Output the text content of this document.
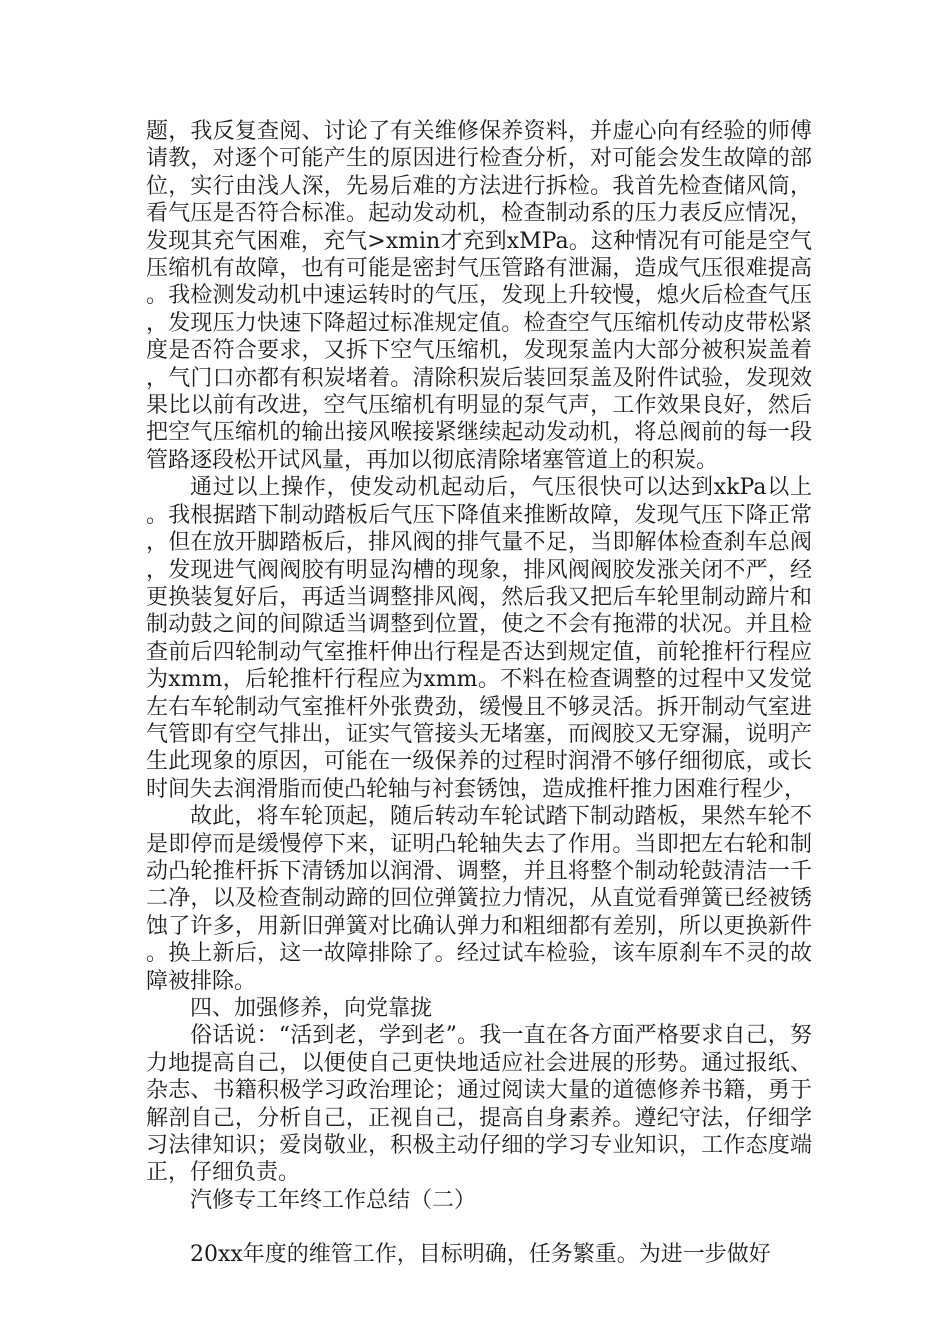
题，我反复查阅、讨论了有关维修保养资料，并虚心向有经验的师傅请教，对逐个可能产生的原因进行检查分析，对可能会发生故障的部位，实行由浅人深，先易后难的方法进行拆检。我首先检查储风筒，看气压是否符合标准。起动发动机，检查制动系的压力表反应情况，发现其充气困难，充气>xmin才充到xMPa。这种情况有可能是空气压缩机有故障，也有可能是密封气压管路有泄漏，造成气压很难提高。我检测发动机中速运转时的气压，发现上升较慢，熄火后检查气压，发现压力快速下降超过标准规定值。检查空气压缩机传动皮带松紧度是否符合要求，又拆下空气压缩机，发现泵盖内大部分被积炭盖着，气门口亦都有积炭堵着。清除积炭后装回泵盖及附件试验，发现效果比以前有改进，空气压缩机有明显的泵气声，工作效果良好，然后把空气压缩机的输出接风喉接紧继续起动发动机，将总阀前的每一段管路逐段松开试风量，再加以彻底清除堵塞管道上的积炭。

通过以上操作，使发动机起动后，气压很快可以达到xkPa以上。我根据踏下制动踏板后气压下降值来推断故障，发现气压下降正常，但在放开脚踏板后，排风阀的排气量不足，当即解体检查刹车总阀，发现进气阀阀胶有明显沟槽的现象，排风阀阀胶发涨关闭不严，经更换装复好后，再适当调整排风阀，然后我又把后车轮里制动蹄片和制动鼓之间的间隙适当调整到位置，使之不会有拖滞的状况。并且检查前后四轮制动气室推杆伸出行程是否达到规定值，前轮推杆行程应为xmm，后轮推杆行程应为xmm。不料在检查调整的过程中又发觉左右车轮制动气室推杆外张费劲，缓慢且不够灵活。拆开制动气室进气管即有空气排出，证实气管接头无堵塞，而阀胶又无穿漏，说明产生此现象的原因，可能在一级保养的过程时润滑不够仔细彻底，或长时间失去润滑脂而使凸轮轴与衬套锈蚀，造成推杆推力困难行程少，

故此，将车轮顶起，随后转动车轮试踏下制动踏板，果然车轮不是即停而是缓慢停下来，证明凸轮轴失去了作用。当即把左右轮和制动凸轮推杆拆下清锈加以润滑、调整，并且将整个制动轮鼓清洁一千二净，以及检查制动蹄的回位弹簧拉力情况，从直觉看弹簧已经被锈蚀了许多，用新旧弹簧对比确认弹力和粗细都有差别，所以更换新件。换上新后，这一故障排除了。经过试车检验，该车原刹车不灵的故障被排除。

四、加强修养，向党靠拢

俗话说：“活到老，学到老”。我一直在各方面严格要求自己，努力地提高自己，以便使自己更快地适应社会进展的形势。通过报纸、杂志、书籍积极学习政治理论；通过阅读大量的道德修养书籍，勇于解剖自己，分析自己，正视自己，提高自身素养。遵纪守法，仔细学习法律知识；爱岗敬业，积极主动仔细的学习专业知识，工作态度端正，仔细负责。

汽修专工年终工作总结（二）

20xx年度的维管工作，目标明确，任务繁重。为进一步做好
